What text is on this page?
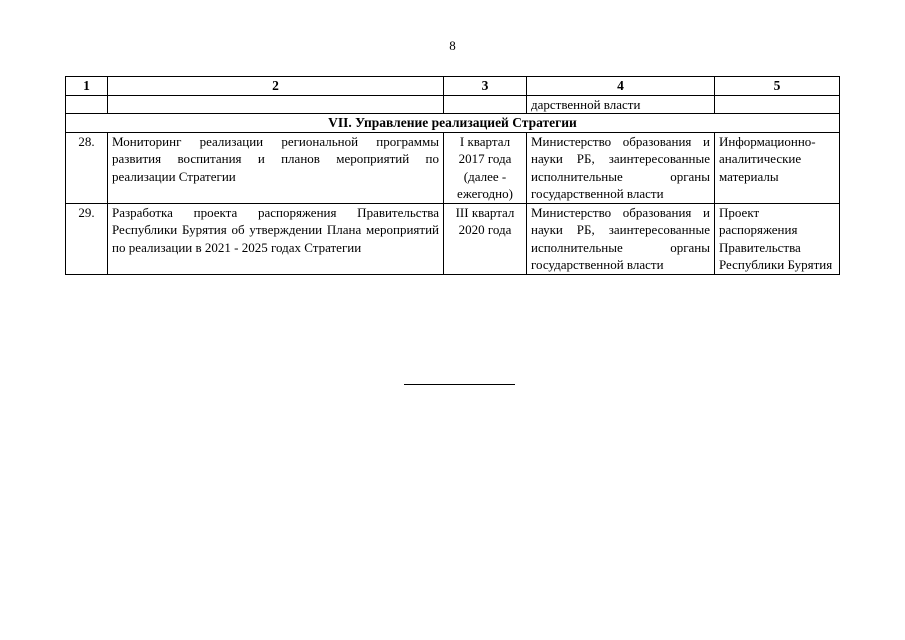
8
1	2	3	4	5
			дарственной власти	
VII. Управление реализацией Стратегии				
28.	Мониторинг реализации региональной программы развития воспитания и планов мероприятий по реализации Стратегии	I квартал 2017 года (далее - ежегодно)	Министерство образования и науки РБ, заинтересованные исполнительные органы государственной власти	Информационно-аналитические материалы
29.	Разработка проекта распоряжения Правительства Республики Бурятия об утверждении Плана мероприятий по реализации в 2021 - 2025 годах Стратегии	III квартал 2020 года	Министерство образования и науки РБ, заинтересованные исполнительные органы государственной власти	Проект распоряжения Правительства Республики Бурятия
